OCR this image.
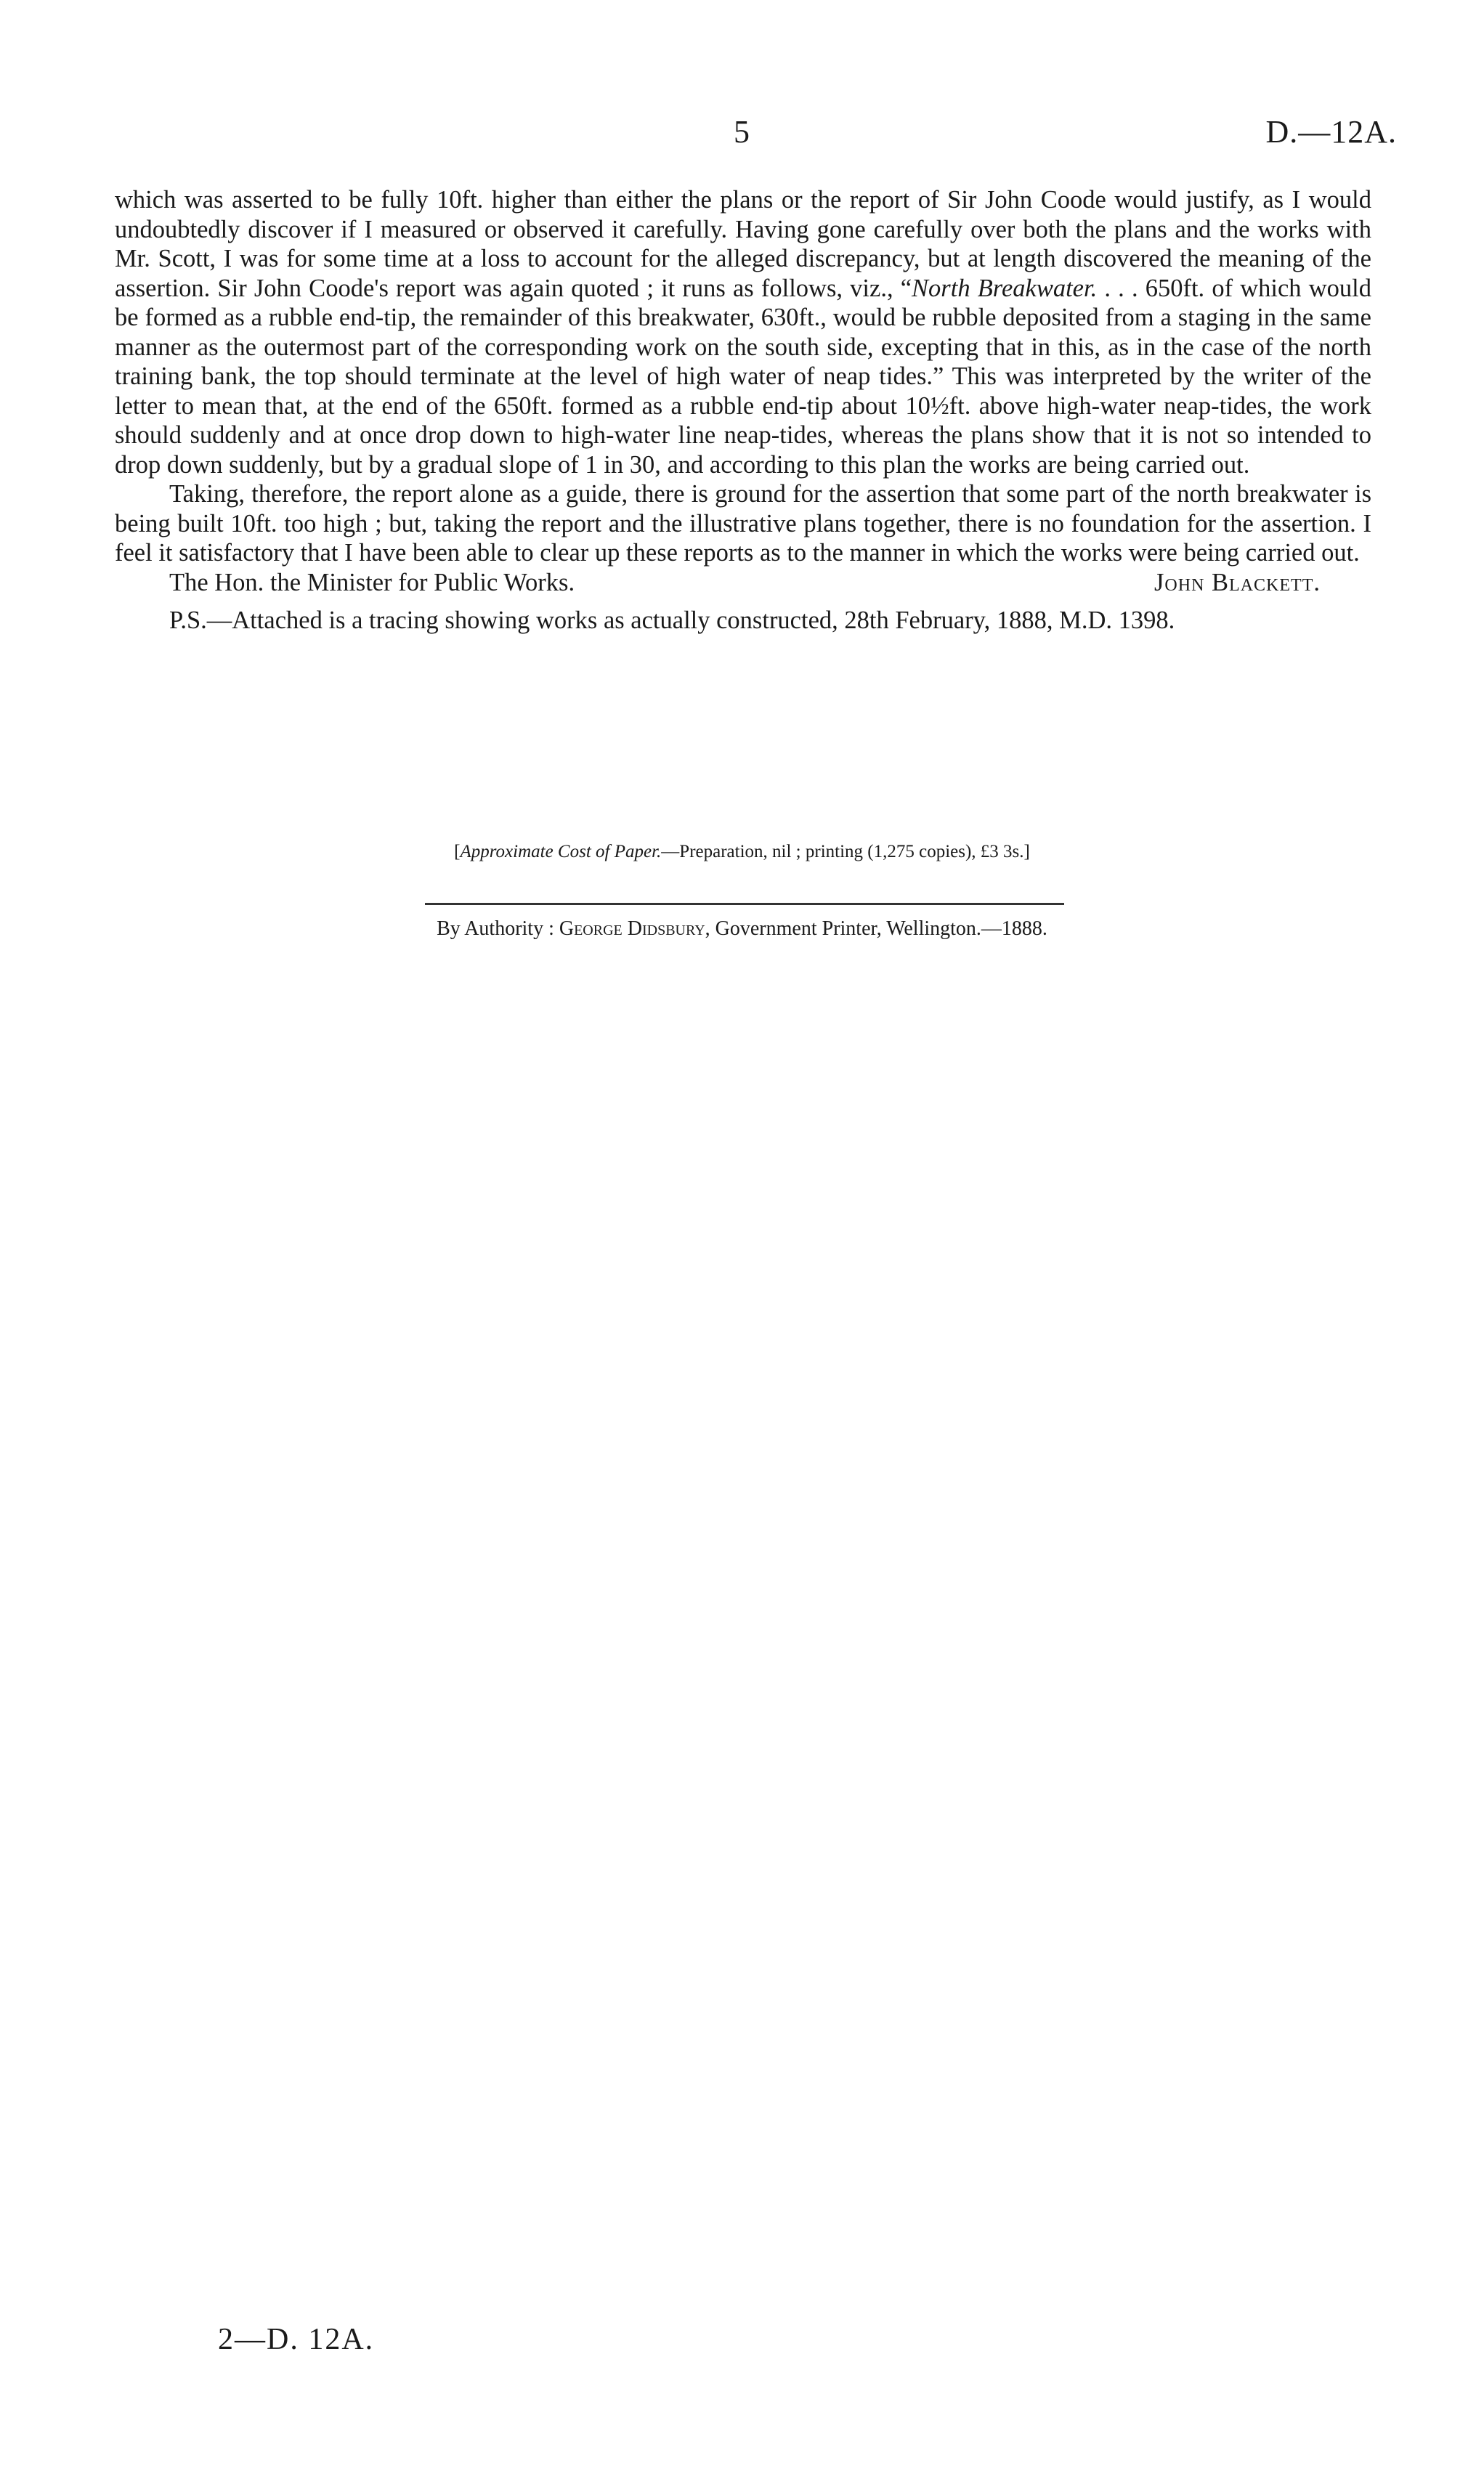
5	D.—12A.

which was asserted to be fully 10ft. higher than either the plans or the report of Sir John Coode would justify, as I would undoubtedly discover if I measured or observed it carefully. Having gone carefully over both the plans and the works with Mr. Scott, I was for some time at a loss to account for the alleged discrepancy, but at length discovered the meaning of the assertion. Sir John Coode's report was again quoted ; it runs as follows, viz., “North Breakwater. . . . 650ft. of which would be formed as a rubble end-tip, the remainder of this breakwater, 630ft., would be rubble deposited from a staging in the same manner as the outermost part of the corresponding work on the south side, excepting that in this, as in the case of the north training bank, the top should terminate at the level of high water of neap tides.” This was interpreted by the writer of the letter to mean that, at the end of the 650ft. formed as a rubble end-tip about 10½ft. above high-water neap-tides, the work should suddenly and at once drop down to high-water line neap-tides, whereas the plans show that it is not so intended to drop down suddenly, but by a gradual slope of 1 in 30, and according to this plan the works are being carried out.

Taking, therefore, the report alone as a guide, there is ground for the assertion that some part of the north breakwater is being built 10ft. too high ; but, taking the report and the illustrative plans together, there is no foundation for the assertion. I feel it satisfactory that I have been able to clear up these reports as to the manner in which the works were being carried out.

The Hon. the Minister for Public Works.	John Blackett.

P.S.—Attached is a tracing showing works as actually constructed, 28th February, 1888, M.D. 1398.

[Approximate Cost of Paper.—Preparation, nil ; printing (1,275 copies), £3 3s.]
By Authority : George Didsbury, Government Printer, Wellington.—1888.
2—D. 12A.
